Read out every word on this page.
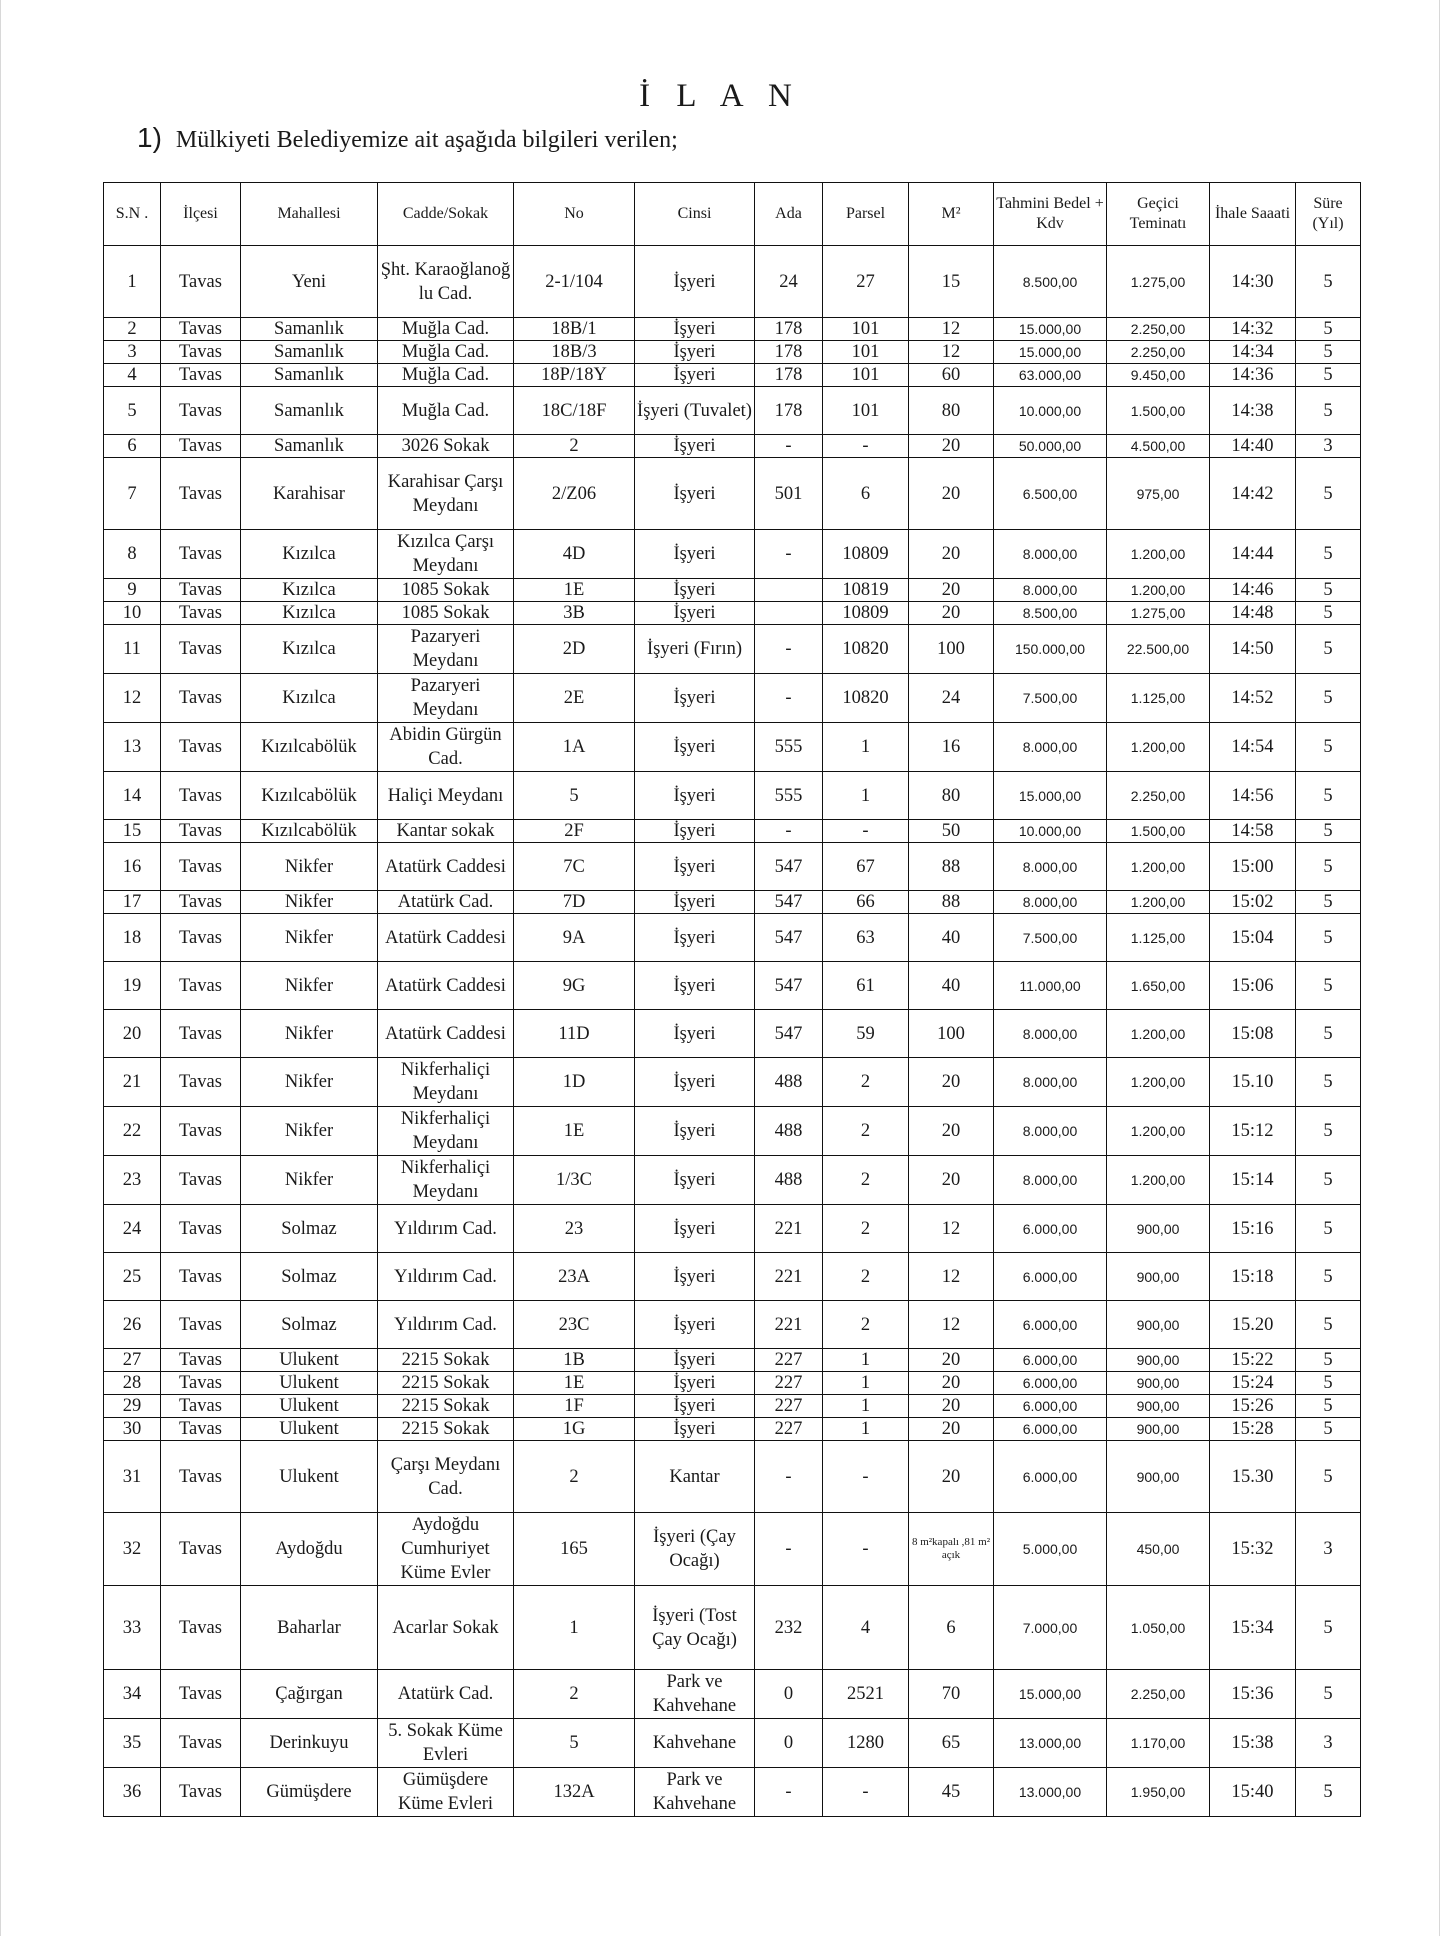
İ L A N
1) Mülkiyeti Belediyemize ait aşağıda bilgileri verilen;
S.N .	İlçesi	Mahallesi	Cadde/Sokak	No	Cinsi	Ada	Parsel	M²	Tahmini Bedel + Kdv	Geçici Teminatı	İhale Saaati	Süre (Yıl)
1	Tavas	Yeni	Şht. Karaoğlanoğ lu Cad.	2-1/104	İşyeri	24	27	15	8.500,00	1.275,00	14:30	5
2	Tavas	Samanlık	Muğla Cad.	18B/1	İşyeri	178	101	12	15.000,00	2.250,00	14:32	5
3	Tavas	Samanlık	Muğla Cad.	18B/3	İşyeri	178	101	12	15.000,00	2.250,00	14:34	5
4	Tavas	Samanlık	Muğla Cad.	18P/18Y	İşyeri	178	101	60	63.000,00	9.450,00	14:36	5
5	Tavas	Samanlık	Muğla Cad.	18C/18F	İşyeri (Tuvalet)	178	101	80	10.000,00	1.500,00	14:38	5
6	Tavas	Samanlık	3026 Sokak	2	İşyeri	-	-	20	50.000,00	4.500,00	14:40	3
7	Tavas	Karahisar	Karahisar Çarşı Meydanı	2/Z06	İşyeri	501	6	20	6.500,00	975,00	14:42	5
8	Tavas	Kızılca	Kızılca Çarşı Meydanı	4D	İşyeri	-	10809	20	8.000,00	1.200,00	14:44	5
9	Tavas	Kızılca	1085 Sokak	1E	İşyeri		10819	20	8.000,00	1.200,00	14:46	5
10	Tavas	Kızılca	1085 Sokak	3B	İşyeri		10809	20	8.500,00	1.275,00	14:48	5
11	Tavas	Kızılca	Pazaryeri Meydanı	2D	İşyeri (Fırın)	-	10820	100	150.000,00	22.500,00	14:50	5
12	Tavas	Kızılca	Pazaryeri Meydanı	2E	İşyeri	-	10820	24	7.500,00	1.125,00	14:52	5
13	Tavas	Kızılcabölük	Abidin Gürgün Cad.	1A	İşyeri	555	1	16	8.000,00	1.200,00	14:54	5
14	Tavas	Kızılcabölük	Haliçi Meydanı	5	İşyeri	555	1	80	15.000,00	2.250,00	14:56	5
15	Tavas	Kızılcabölük	Kantar sokak	2F	İşyeri	-	-	50	10.000,00	1.500,00	14:58	5
16	Tavas	Nikfer	Atatürk Caddesi	7C	İşyeri	547	67	88	8.000,00	1.200,00	15:00	5
17	Tavas	Nikfer	Atatürk Cad.	7D	İşyeri	547	66	88	8.000,00	1.200,00	15:02	5
18	Tavas	Nikfer	Atatürk Caddesi	9A	İşyeri	547	63	40	7.500,00	1.125,00	15:04	5
19	Tavas	Nikfer	Atatürk Caddesi	9G	İşyeri	547	61	40	11.000,00	1.650,00	15:06	5
20	Tavas	Nikfer	Atatürk Caddesi	11D	İşyeri	547	59	100	8.000,00	1.200,00	15:08	5
21	Tavas	Nikfer	Nikferhaliçi Meydanı	1D	İşyeri	488	2	20	8.000,00	1.200,00	15.10	5
22	Tavas	Nikfer	Nikferhaliçi Meydanı	1E	İşyeri	488	2	20	8.000,00	1.200,00	15:12	5
23	Tavas	Nikfer	Nikferhaliçi Meydanı	1/3C	İşyeri	488	2	20	8.000,00	1.200,00	15:14	5
24	Tavas	Solmaz	Yıldırım Cad.	23	İşyeri	221	2	12	6.000,00	900,00	15:16	5
25	Tavas	Solmaz	Yıldırım Cad.	23A	İşyeri	221	2	12	6.000,00	900,00	15:18	5
26	Tavas	Solmaz	Yıldırım Cad.	23C	İşyeri	221	2	12	6.000,00	900,00	15.20	5
27	Tavas	Ulukent	2215 Sokak	1B	İşyeri	227	1	20	6.000,00	900,00	15:22	5
28	Tavas	Ulukent	2215 Sokak	1E	İşyeri	227	1	20	6.000,00	900,00	15:24	5
29	Tavas	Ulukent	2215 Sokak	1F	İşyeri	227	1	20	6.000,00	900,00	15:26	5
30	Tavas	Ulukent	2215 Sokak	1G	İşyeri	227	1	20	6.000,00	900,00	15:28	5
31	Tavas	Ulukent	Çarşı Meydanı Cad.	2	Kantar	-	-	20	6.000,00	900,00	15.30	5
32	Tavas	Aydoğdu	Aydoğdu Cumhuriyet Küme Evler	165	İşyeri (Çay Ocağı)	-	-	8 m²kapalı ,81 m² açık	5.000,00	450,00	15:32	3
33	Tavas	Baharlar	Acarlar Sokak	1	İşyeri (Tost Çay Ocağı)	232	4	6	7.000,00	1.050,00	15:34	5
34	Tavas	Çağırgan	Atatürk Cad.	2	Park ve Kahvehane	0	2521	70	15.000,00	2.250,00	15:36	5
35	Tavas	Derinkuyu	5. Sokak Küme Evleri	5	Kahvehane	0	1280	65	13.000,00	1.170,00	15:38	3
36	Tavas	Gümüşdere	Gümüşdere Küme Evleri	132A	Park ve Kahvehane	-	-	45	13.000,00	1.950,00	15:40	5
